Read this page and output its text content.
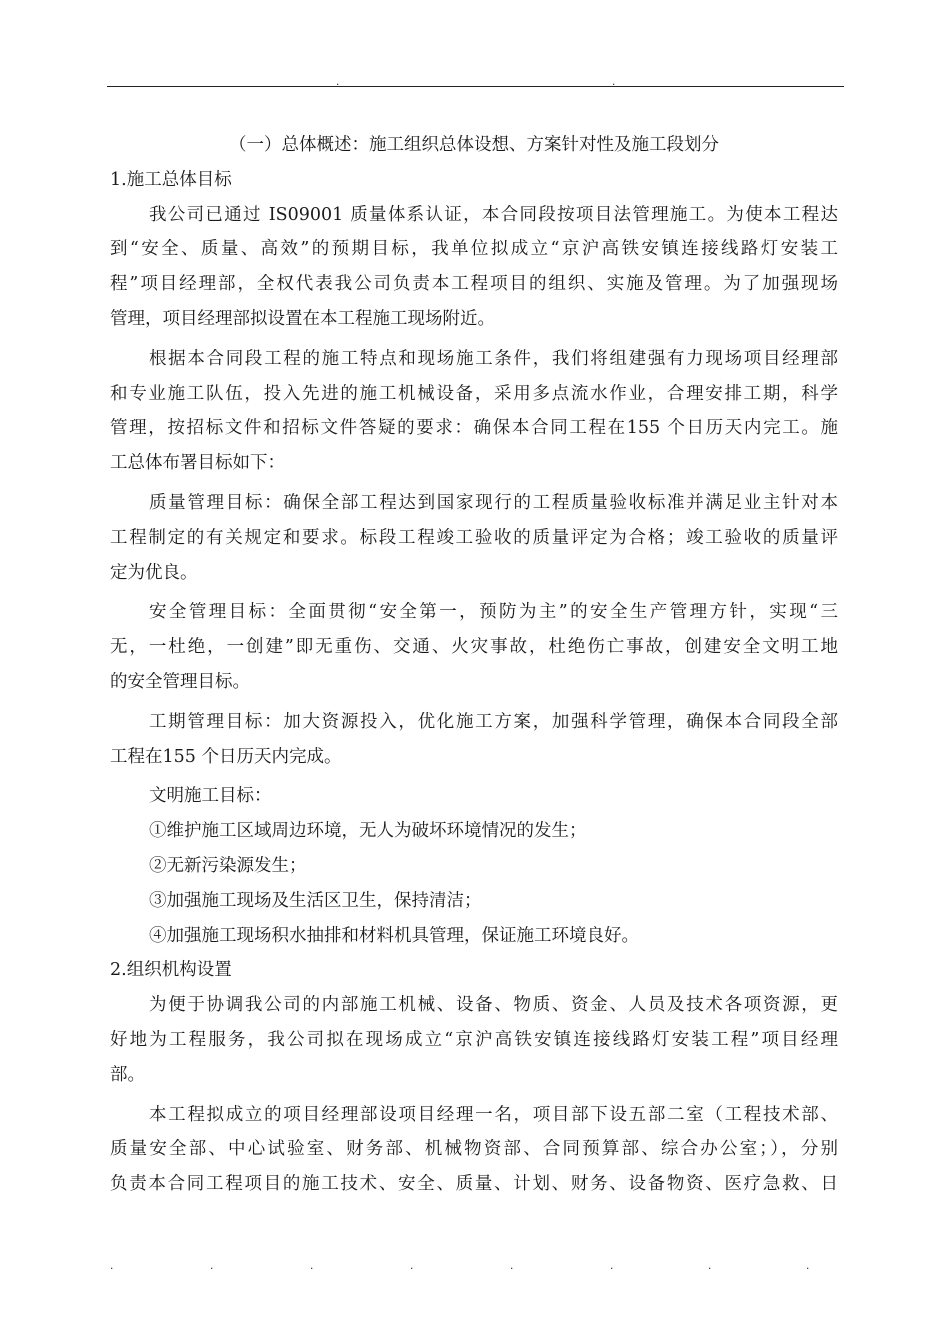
.	.
（一）总体概述：施工组织总体设想、方案针对性及施工段划分
1.施工总体目标
我公司已通过 IS09001 质量体系认证，本合同段按项目法管理施工。为使本工程达
到“安全、质量、高效”的预期目标，我单位拟成立“京沪高铁安镇连接线路灯安装工
程”项目经理部，全权代表我公司负责本工程项目的组织、实施及管理。为了加强现场
管理，项目经理部拟设置在本工程施工现场附近。
根据本合同段工程的施工特点和现场施工条件，我们将组建强有力现场项目经理部
和专业施工队伍，投入先进的施工机械设备，采用多点流水作业，合理安排工期，科学
管理，按招标文件和招标文件答疑的要求：确保本合同工程在155 个日历天内完工。施
工总体布署目标如下：
质量管理目标：确保全部工程达到国家现行的工程质量验收标准并满足业主针对本
工程制定的有关规定和要求。标段工程竣工验收的质量评定为合格；竣工验收的质量评
定为优良。
安全管理目标：全面贯彻“安全第一，预防为主”的安全生产管理方针，实现“三
无，一杜绝，一创建”即无重伤、交通、火灾事故，杜绝伤亡事故，创建安全文明工地
的安全管理目标。
工期管理目标：加大资源投入，优化施工方案，加强科学管理，确保本合同段全部
工程在155 个日历天内完成。
文明施工目标：
①维护施工区域周边环境，无人为破坏环境情况的发生；
②无新污染源发生；
③加强施工现场及生活区卫生，保持清洁；
④加强施工现场积水抽排和材料机具管理，保证施工环境良好。
2.组织机构设置
为便于协调我公司的内部施工机械、设备、物质、资金、人员及技术各项资源，更
好地为工程服务，我公司拟在现场成立“京沪高铁安镇连接线路灯安装工程”项目经理
部。
本工程拟成立的项目经理部设项目经理一名，项目部下设五部二室（工程技术部、
质量安全部、中心试验室、财务部、机械物资部、合同预算部、综合办公室；），分别
负责本合同工程项目的施工技术、安全、质量、计划、财务、设备物资、医疗急救、日
.	.	.	.	.	.	.	.
